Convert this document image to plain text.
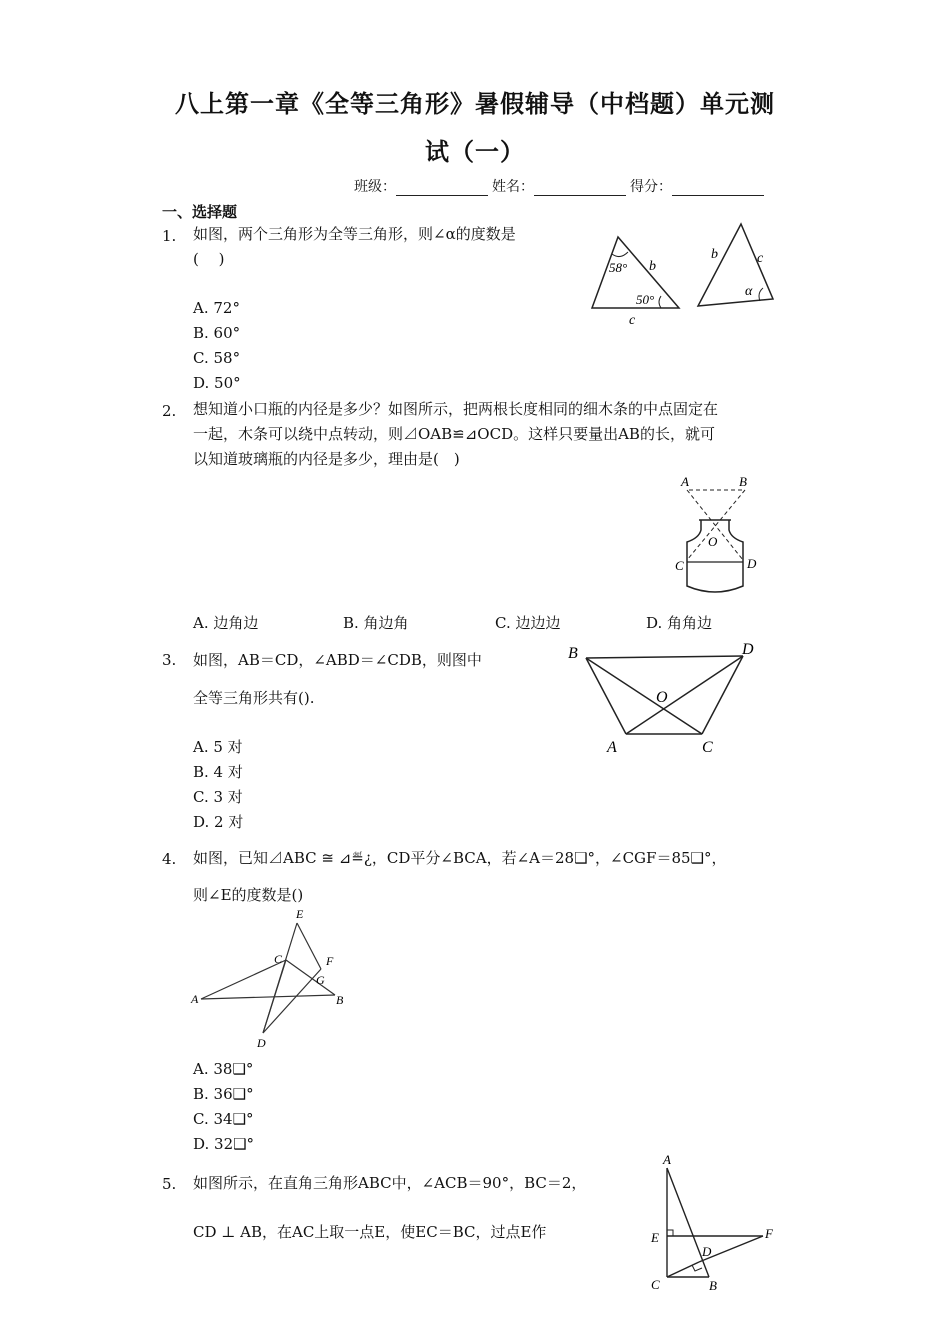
八上第一章《全等三角形》暑假辅导（中档题）单元测
试（一）
班级：	姓名：	得分：
一、选择题
1. 如图，两个三角形为全等三角形，则∠α的度数是
(　 )
A. 72°
B. 60°
C. 58°
D. 50°
58°
50°
b
c
b	c
α
2. 想知道小口瓶的内径是多少？如图所示，把两根长度相同的细木条的中点固定在
一起，木条可以绕中点转动，则⊿OAB≌⊿OCD。这样只要量出AB的长，就可
以知道玻璃瓶的内径是多少，理由是(　)
A	B
O
C	D
A. 边角边	B. 角边角	C. 边边边	D. 角角边
3. 如图，AB＝CD，∠ABD＝∠CDB，则图中
全等三角形共有().
A. 5 对
B. 4 对
C. 3 对
D. 2 对
B	D
O
A	C
4. 如图，已知⊿ABC ≅ ⊿≝¿，CD平分∠BCA，若∠A＝28❑°，∠CGF＝85❑°，
则∠E的度数是()
E
C	F
G
A	B
D
A. 38❑°
B. 36❑°
C. 34❑°
D. 32❑°
5. 如图所示，在直角三角形ABC中，∠ACB＝90°，BC＝2，
CD ⊥ AB，在AC上取一点E，使EC＝BC，过点E作
A
E
D
F
C	B
